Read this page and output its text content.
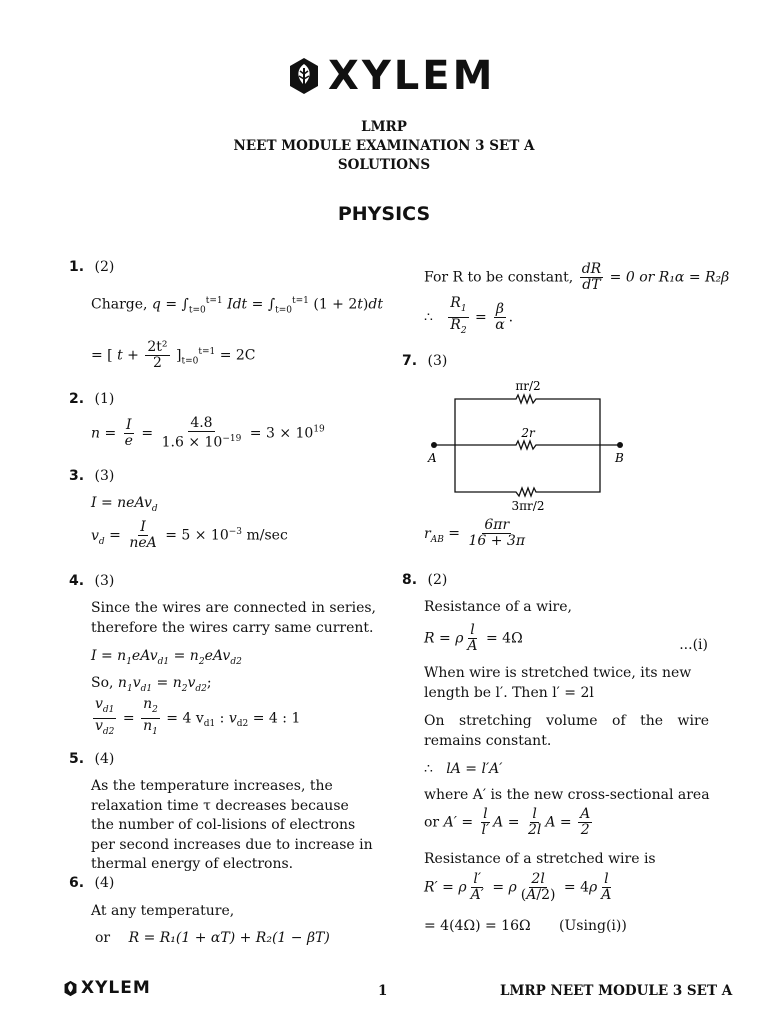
XYLEM
LMRP
NEET MODULE EXAMINATION 3 SET A
SOLUTIONS
PHYSICS
1. (2)
Charge, $q = \int_{t=0}^{t=1}$ Idt = $\int_{t=0}^{t=1}$ (1 + 2t)dt
= [ $t + \frac{\text{2t²}}{2} ]_{t=0}^{t=1} = 2C$
2. (1)
$n = \frac{I}{e} = \frac{4.8}{1.6 \times 10^{-19}} = 3 \times 10^{19}$
3. (3)
I = neAv$_d$
$v_d = \frac{I}{\text{neA}} = 5 \times 10^{-3}$ m/sec
4. (3)
Since the wires are connected in series, therefore the wires carry same current.
$I = n_1eAv_{d1} = n_2eAv_{d2}$
So, $n_1v_{d1} = n_2v_{d2}$;
$\frac{v_{d1}}{v_{d2}} = \frac{n_2}{n_1} = 4$ $v_{d1}$ : $v_{d2} = 4$ : 1
5. (4)
As the temperature increases, the relaxation time τ decreases because the number of col-lisions of electrons per second increases due to increase in thermal energy of electrons.
6. (4)
At any temperature,
or R = R₁(1 + αT) + R₂(1 − βT)
For R to be constant, $\frac{dR}{dT} = 0$ or R₁α = R₂β
∴ $\frac{R_1}{R_2} = \frac{\beta}{\alpha}$ .
7. (3)
πr/2
2r
3πr/2
A	B
$r_{AB} = \frac{6\pi r}{16 + 3\pi}$
8. (2)
Resistance of a wire,
R = ρ $\frac{l}{A} = 4\Omega$	...(i)
When wire is stretched twice, its new length be l′. Then l′ = 2l
On stretching volume of the wire remains constant.
∴   lA = l′A′
where A′ is the new cross-sectional area
or $A' = \frac{l}{l'}$ $A = \frac{l}{2l}$ $A = \frac{A}{2}$
Resistance of a stretched wire is
R′ = ρ $\frac{l'}{A'} = \rho \frac{2l}{(A/2)} = 4\rho \frac{l}{A}$
= 4(4Ω) = 16Ω (Using(i))
XYLEM	1	LMRP NEET MODULE 3 SET A
